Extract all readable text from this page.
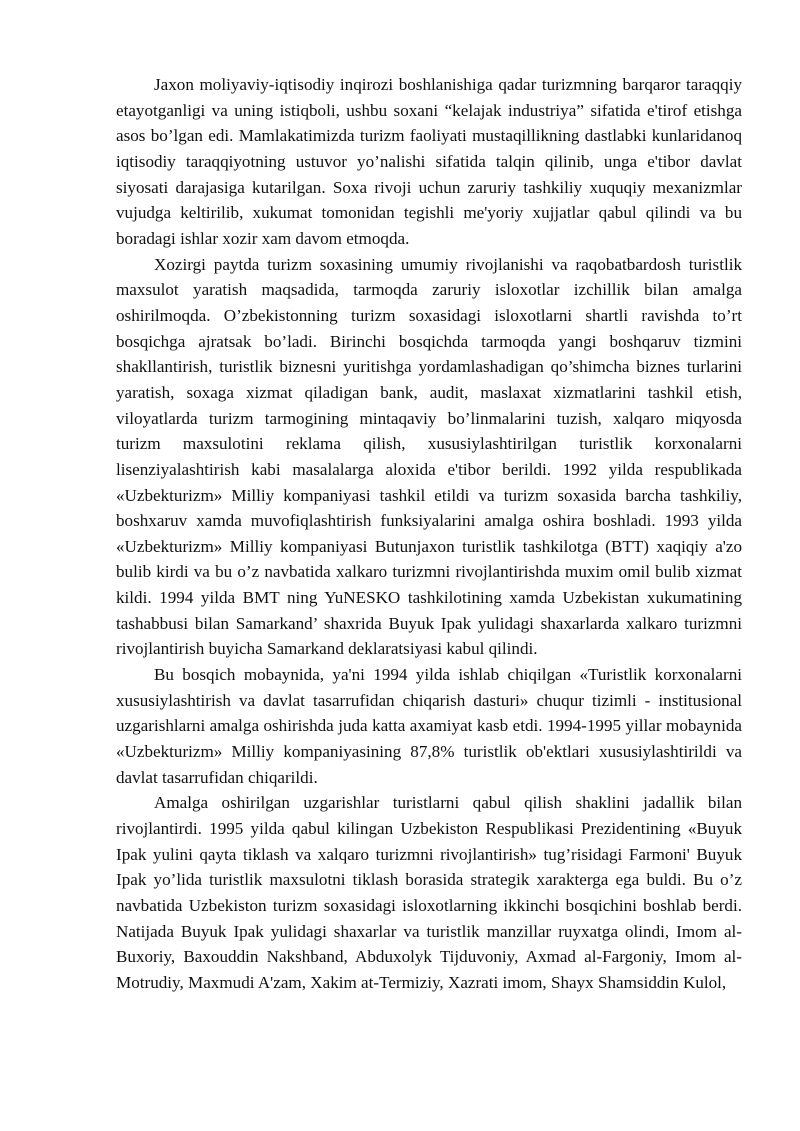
Jaxon moliyaviy-iqtisodiy inqirozi boshlanishiga qadar turizmning barqaror taraqqiy etayotganligi va uning istiqboli, ushbu soxani “kelajak industriya” sifatida e'tirof etishga asos bo’lgan edi. Mamlakatimizda turizm faoliyati mustaqillikning dastlabki kunlaridanoq iqtisodiy taraqqiyotning ustuvor yo’nalishi sifatida talqin qilinib, unga e'tibor davlat siyosati darajasiga kutarilgan. Soxa rivoji uchun zaruriy tashkiliy xuquqiy mexanizmlar vujudga keltirilib, xukumat tomonidan tegishli me'yoriy xujjatlar qabul qilindi va bu boradagi ishlar xozir xam davom etmoqda.

Xozirgi paytda turizm soxasining umumiy rivojlanishi va raqobatbardosh turistlik maxsulot yaratish maqsadida, tarmoqda zaruriy isloxotlar izchillik bilan amalga oshirilmoqda. O’zbekistonning turizm soxasidagi isloxotlarni shartli ravishda to’rt bosqichga ajratsak bo’ladi. Birinchi bosqichda tarmoqda yangi boshqaruv tizmini shakllantirish, turistlik biznesni yuritishga yordamlashadigan qo’shimcha biznes turlarini yaratish, soxaga xizmat qiladigan bank, audit, maslaxat xizmatlarini tashkil etish, viloyatlarda turizm tarmogining mintaqaviy bo’linmalarini tuzish, xalqaro miqyosda turizm maxsulotini reklama qilish, xususiylashtirilgan turistlik korxonalarni lisenziyalashtirish kabi masalalarga aloxida e'tibor berildi. 1992 yilda respublikada «Uzbekturizm» Milliy kompaniyasi tashkil etildi va turizm soxasida barcha tashkiliy, boshxaruv xamda muvofiqlashtirish funksiyalarini amalga oshira boshladi. 1993 yilda «Uzbekturizm» Milliy kompaniyasi Butunjaxon turistlik tashkilotga (BTT) xaqiqiy a'zo bulib kirdi va bu o’z navbatida xalkaro turizmni rivojlantirishda muxim omil bulib xizmat kildi. 1994 yilda BMT ning YuNESKO tashkilotining xamda Uzbekistan xukumatining tashabbusi bilan Samarkand’ shaxrida Buyuk Ipak yulidagi shaxarlarda xalkaro turizmni rivojlantirish buyicha Samarkand deklaratsiyasi kabul qilindi.

Bu bosqich mobaynida, ya'ni 1994 yilda ishlab chiqilgan «Turistlik korxonalarni xususiylashtirish va davlat tasarrufidan chiqarish dasturi» chuqur tizimli - institusional uzgarishlarni amalga oshirishda juda katta axamiyat kasb etdi. 1994-1995 yillar mobaynida «Uzbekturizm» Milliy kompaniyasining 87,8% turistlik ob'ektlari xususiylashtirildi va davlat tasarrufidan chiqarildi.

Amalga oshirilgan uzgarishlar turistlarni qabul qilish shaklini jadallik bilan rivojlantirdi. 1995 yilda qabul kilingan Uzbekiston Respublikasi Prezidentining «Buyuk Ipak yulini qayta tiklash va xalqaro turizmni rivojlantirish» tug’risidagi Farmoni' Buyuk Ipak yo’lida turistlik maxsulotni tiklash borasida strategik xarakterga ega buldi. Bu o’z navbatida Uzbekiston turizm soxasidagi isloxotlarning ikkinchi bosqichini boshlab berdi. Natijada Buyuk Ipak yulidagi shaxarlar va turistlik manzillar ruyxatga olindi, Imom al-Buxoriy, Baxouddin Nakshband, Abduxolyk Tijduvoniy, Axmad al-Fargoniy, Imom al-Motrudiy, Maxmudi A'zam, Xakim at-Termiziy, Xazrati imom, Shayx Shamsiddin Kulol,
